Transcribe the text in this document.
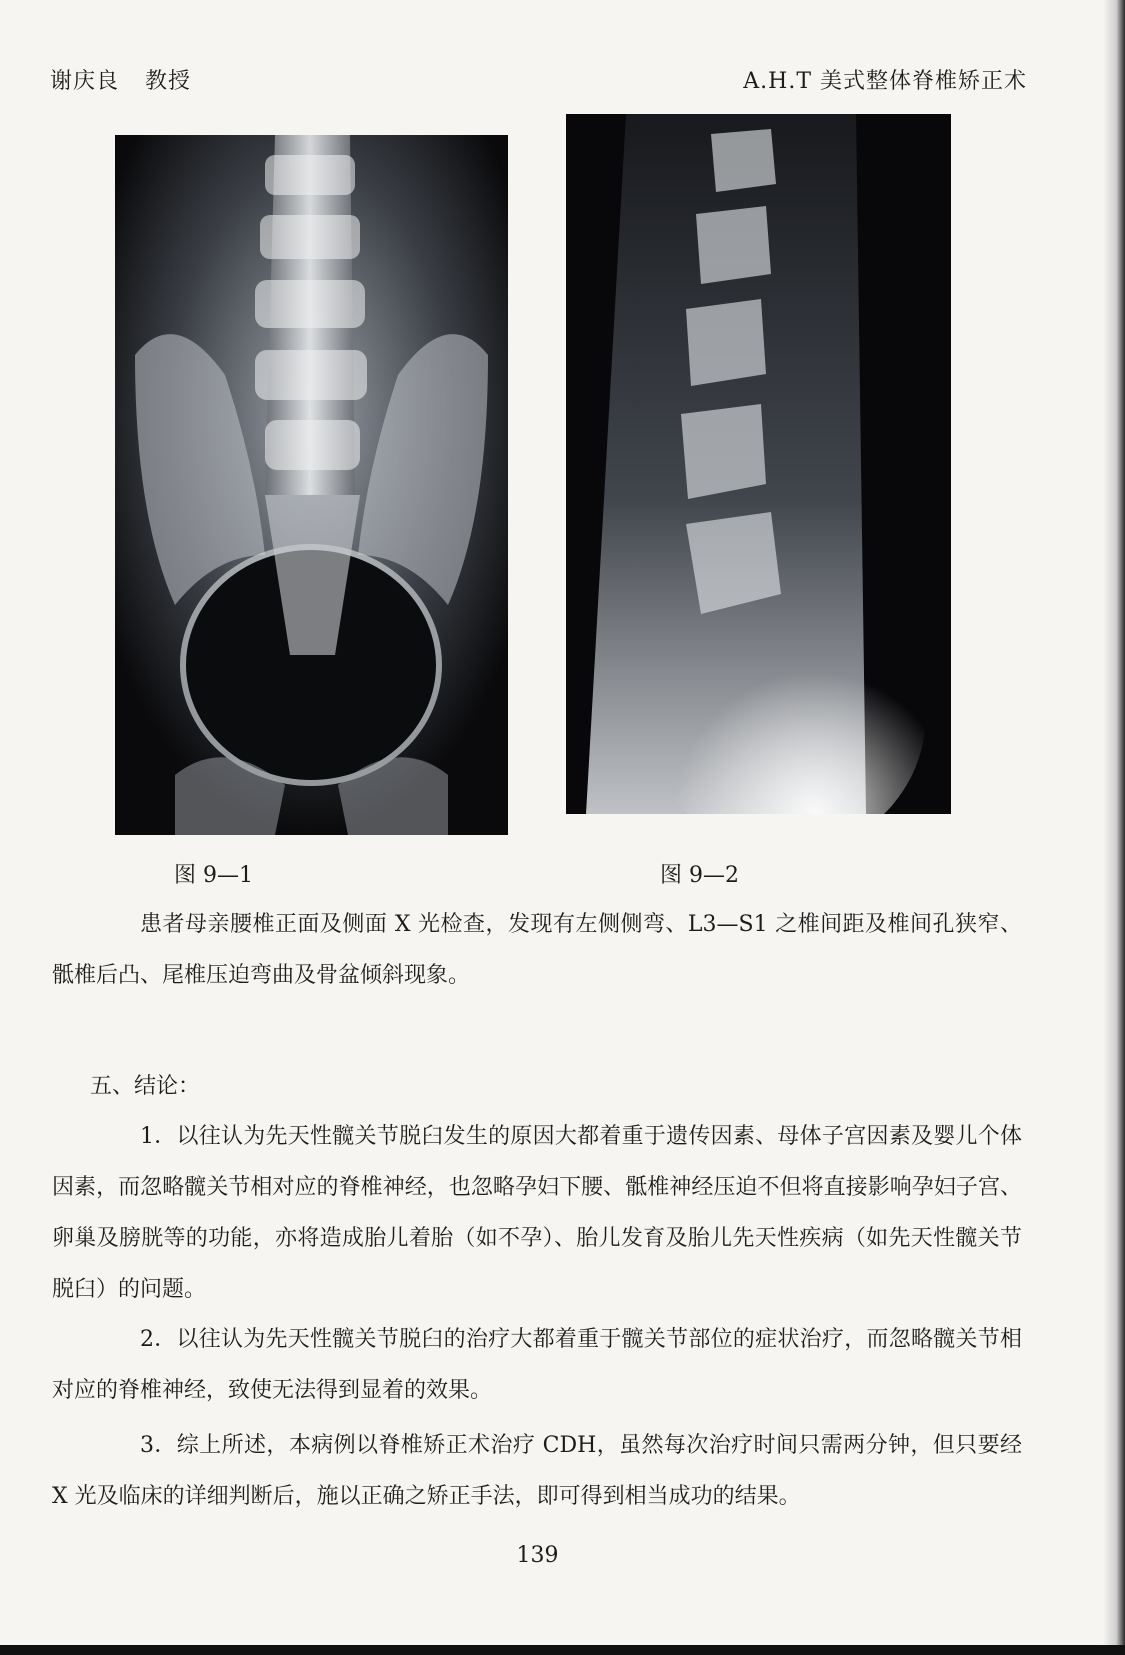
谢庆良 教授	A.H.T 美式整体脊椎矫正术
图 9—1	图 9—2

患者母亲腰椎正面及侧面 X 光检查，发现有左侧侧弯、L3—S1 之椎间距及椎间孔狭窄、骶椎后凸、尾椎压迫弯曲及骨盆倾斜现象。

五、结论：

1．以往认为先天性髋关节脱臼发生的原因大都着重于遗传因素、母体子宫因素及婴儿个体因素，而忽略髋关节相对应的脊椎神经，也忽略孕妇下腰、骶椎神经压迫不但将直接影响孕妇子宫、卵巢及膀胱等的功能，亦将造成胎儿着胎（如不孕）、胎儿发育及胎儿先天性疾病（如先天性髋关节脱臼）的问题。

2．以往认为先天性髋关节脱臼的治疗大都着重于髋关节部位的症状治疗，而忽略髋关节相对应的脊椎神经，致使无法得到显着的效果。

3．综上所述，本病例以脊椎矫正术治疗 CDH，虽然每次治疗时间只需两分钟，但只要经 X 光及临床的详细判断后，施以正确之矫正手法，即可得到相当成功的结果。

139
